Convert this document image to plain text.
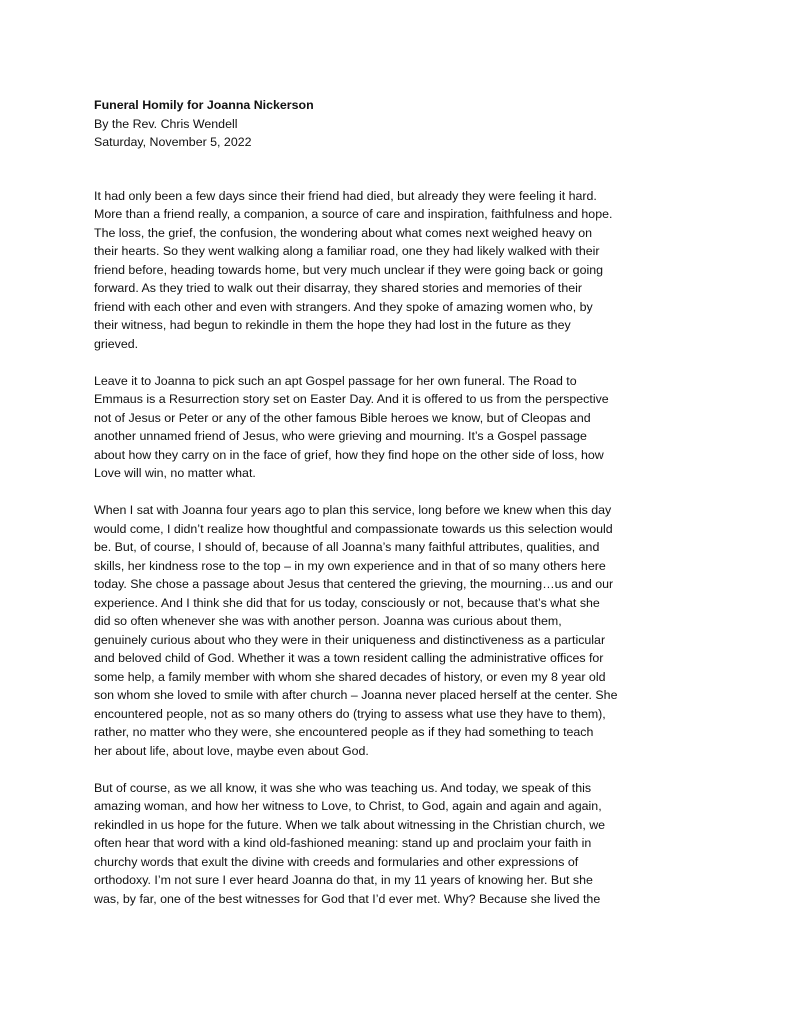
Funeral Homily for Joanna Nickerson

By the Rev. Chris Wendell

Saturday, November 5, 2022

It had only been a few days since their friend had died, but already they were feeling it hard.

More than a friend really, a companion, a source of care and inspiration, faithfulness and hope.

The loss, the grief, the confusion, the wondering about what comes next weighed heavy on

their hearts. So they went walking along a familiar road, one they had likely walked with their

friend before, heading towards home, but very much unclear if they were going back or going

forward. As they tried to walk out their disarray, they shared stories and memories of their

friend with each other and even with strangers. And they spoke of amazing women who, by

their witness, had begun to rekindle in them the hope they had lost in the future as they

grieved.

Leave it to Joanna to pick such an apt Gospel passage for her own funeral. The Road to

Emmaus is a Resurrection story set on Easter Day. And it is offered to us from the perspective

not of Jesus or Peter or any of the other famous Bible heroes we know, but of Cleopas and

another unnamed friend of Jesus, who were grieving and mourning. It’s a Gospel passage

about how they carry on in the face of grief, how they find hope on the other side of loss, how

Love will win, no matter what.

When I sat with Joanna four years ago to plan this service, long before we knew when this day

would come, I didn’t realize how thoughtful and compassionate towards us this selection would

be. But, of course, I should of, because of all Joanna’s many faithful attributes, qualities, and

skills, her kindness rose to the top – in my own experience and in that of so many others here

today. She chose a passage about Jesus that centered the grieving, the mourning…us and our

experience. And I think she did that for us today, consciously or not, because that’s what she

did so often whenever she was with another person. Joanna was curious about them,

genuinely curious about who they were in their uniqueness and distinctiveness as a particular

and beloved child of God. Whether it was a town resident calling the administrative offices for

some help, a family member with whom she shared decades of history, or even my 8 year old

son whom she loved to smile with after church – Joanna never placed herself at the center. She

encountered people, not as so many others do (trying to assess what use they have to them),

rather, no matter who they were, she encountered people as if they had something to teach

her about life, about love, maybe even about God.

But of course, as we all know, it was she who was teaching us. And today, we speak of this

amazing woman, and how her witness to Love, to Christ, to God, again and again and again,

rekindled in us hope for the future. When we talk about witnessing in the Christian church, we

often hear that word with a kind old-fashioned meaning: stand up and proclaim your faith in

churchy words that exult the divine with creeds and formularies and other expressions of

orthodoxy. I’m not sure I ever heard Joanna do that, in my 11 years of knowing her. But she

was, by far, one of the best witnesses for God that I’d ever met. Why? Because she lived the
